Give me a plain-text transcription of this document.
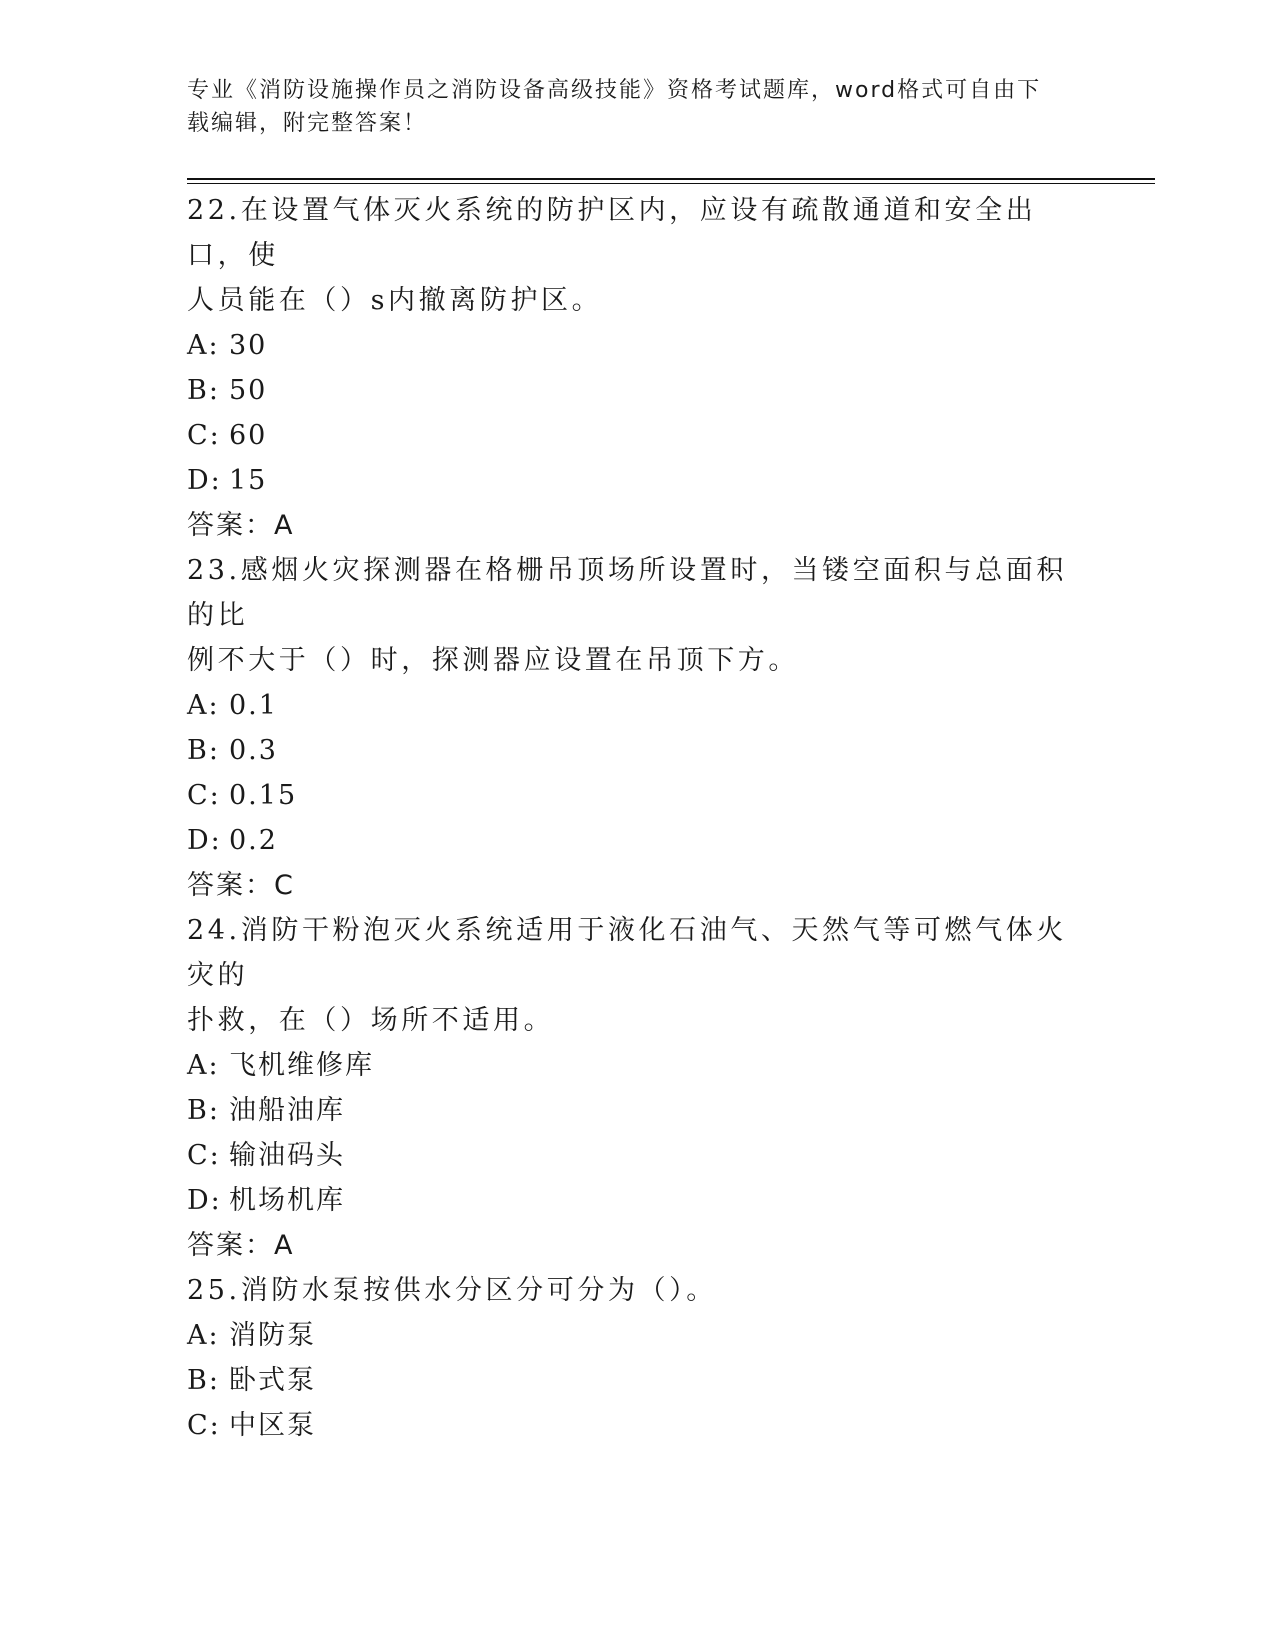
专业《消防设施操作员之消防设备高级技能》资格考试题库，word格式可自由下
载编辑，附完整答案！
22.在设置气体灭火系统的防护区内，应设有疏散通道和安全出口，使
人员能在（）s内撤离防护区。
A: 30
B: 50
C: 60
D: 15
答案：A
23.感烟火灾探测器在格栅吊顶场所设置时，当镂空面积与总面积的比
例不大于（）时，探测器应设置在吊顶下方。
A: 0.1
B: 0.3
C: 0.15
D: 0.2
答案：C
24.消防干粉泡灭火系统适用于液化石油气、天然气等可燃气体火灾的
扑救，在（）场所不适用。
A: 飞机维修库
B: 油船油库
C: 输油码头
D: 机场机库
答案：A
25.消防水泵按供水分区分可分为（）。
A: 消防泵
B: 卧式泵
C: 中区泵
